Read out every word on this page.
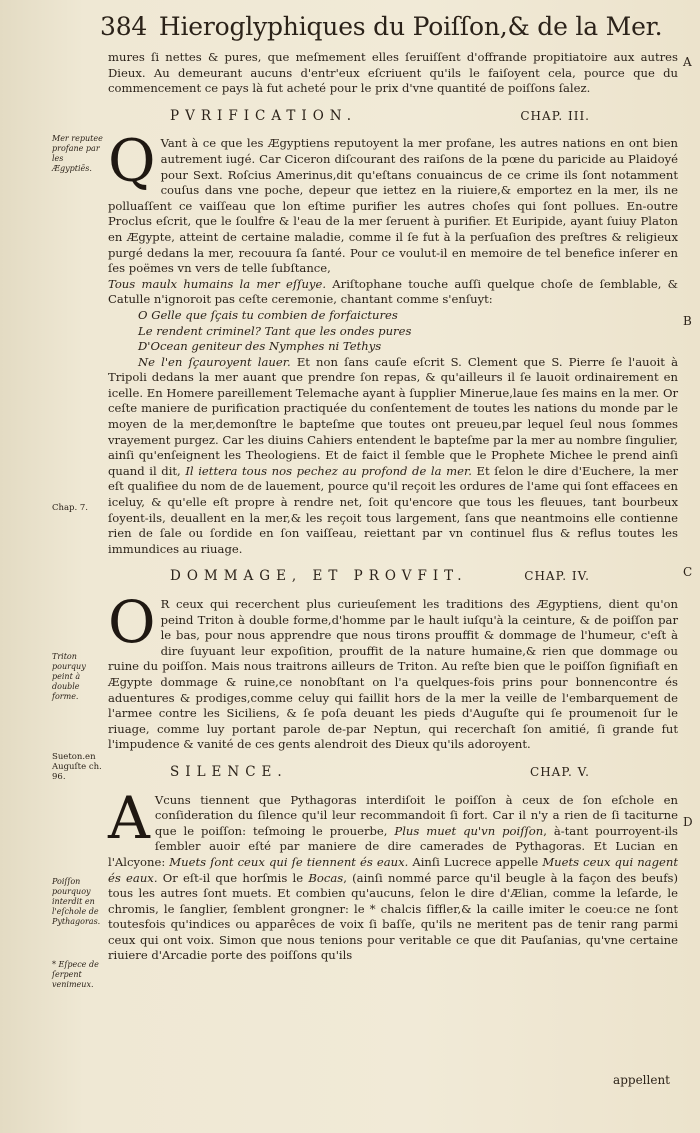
384 Hieroglyphiques du Poiſſon,& de la Mer.
Mer reputee profane par les Ægyptiēs.
Chap. 7.
Triton pourquy peint à double forme.
Sueton.en Auguſte ch. 96.
Poiſſon pourquoy interdit en l'eſchole de Pythagoras.
* Eſpece de ſerpent venimeux.
A
B
C
D

mures ſi nettes & pures, que meſmement elles ſeruiſſent d'offrande propitiatoire aux autres Dieux. Au demeurant aucuns d'entr'eux eſcriuent qu'ils le faiſoyent cela, pource que du commencement ce pays là fut acheté pour le prix d'vne quantité de poiſſons ſalez.

PVRIFICATION.	CHAP. III.

Q Vant à ce que les Ægyptiens reputoyent la mer profane, les autres nations en ont bien autrement iugé. Car Ciceron diſcourant des raiſons de la pœne du paricide au Plaidoyé pour Sext. Roſcius Amerinus,dit qu'eſtans conuaincus de ce crime ils ſont notamment couſus dans vne poche, depeur que iettez en la riuiere,& emportez en la mer, ils ne polluaſſent ce vaiſſeau que lon eſtime purifier les autres choſes qui ſont pollues. En-outre Proclus eſcrit, que le ſoulfre & l'eau de la mer ſeruent à purifier. Et Euripide, ayant ſuiuy Platon en Ægypte, atteint de certaine maladie, comme il ſe fut à la perſuaſion des preſtres & religieux purgé dedans la mer, recouura ſa ſanté. Pour ce voulut-il en memoire de tel benefice inſerer en ſes poëmes vn vers de telle ſubſtance,
Tous maulx humains la mer eſſuye. Ariſtophane touche auſſi quelque choſe de ſemblable, & Catulle n'ignoroit pas ceſte ceremonie, chantant comme s'enſuyt:

O Gelle que ſçais tu combien de forfaictures
Le rendent criminel? Tant que les ondes pures
D'Ocean geniteur des Nymphes ni Tethys

Ne l'en ſçauroyent lauer. Et non ſans cauſe eſcrit S. Clement que S. Pierre ſe l'auoit à Tripoli dedans la mer auant que prendre ſon repas, & qu'ailleurs il ſe lauoit ordinairement en icelle. En Homere pareillement Telemache ayant à ſupplier Minerue,laue ſes mains en la mer. Or ceſte maniere de purification practiquée du conſentement de toutes les nations du monde par le moyen de la mer,demonſtre le bapteſme que toutes ont preueu,par lequel ſeul nous ſommes vrayement purgez. Car les diuins Cahiers entendent le bapteſme par la mer au nombre ſingulier, ainſi qu'enſeignent les Theologiens. Et de faict il ſemble que le Prophete Michee le prend ainſi quand il dit, Il iettera tous nos pechez au profond de la mer. Et ſelon le dire d'Euchere, la mer eſt qualifiee du nom de de lauement, pource qu'il reçoit les ordures de l'ame qui ſont effacees en iceluy, & qu'elle eſt propre à rendre net, ſoit qu'encore que tous les fleuues, tant bourbeux ſoyent-ils, deuallent en la mer,& les reçoit tous largement, ſans que neantmoins elle contienne rien de ſale ou ſordide en ſon vaiſſeau, reiettant par vn continuel flus & reflus toutes les immundices au riuage.

DOMMAGE, ET PROVFIT.	CHAP. IV.

O R ceux qui recerchent plus curieuſement les traditions des Ægyptiens, dient qu'on peind Triton à double forme,d'homme par le hault iuſqu'à la ceinture, & de poiſſon par le bas, pour nous apprendre que nous tirons prouffit & dommage de l'humeur, c'eſt à dire ſuyuant leur expoſition, prouffit de la nature humaine,& rien que dommage ou ruine du poiſſon. Mais nous traitrons ailleurs de Triton. Au reſte bien que le poiſſon ſignifiaſt en Ægypte dommage & ruine,ce nonobſtant on l'a quelques-fois prins pour bonnencontre és aduentures & prodiges,comme celuy qui faillit hors de la mer la veille de l'embarquement de l'armee contre les Siciliens, & ſe poſa deuant les pieds d'Auguſte qui ſe proumenoit ſur le riuage, comme luy portant parole de-par Neptun, qui recerchaſt ſon amitié, ſi grande fut l'impudence & vanité de ces gents alendroit des Dieux qu'ils adoroyent.

SILENCE.	CHAP. V.

A Vcuns tiennent que Pythagoras interdiſoit le poiſſon à ceux de ſon eſchole en conſideration du ſilence qu'il leur recommandoit ſi fort. Car il n'y a rien de ſi taciturne que le poiſſon: teſmoing le prouerbe, Plus muet qu'vn poiſſon, à-tant pourroyent-ils ſembler auoir eſté par maniere de dire camerades de Pythagoras. Et Lucian en l'Alcyone: Muets ſont ceux qui ſe tiennent és eaux. Ainſi Lucrece appelle Muets ceux qui nagent és eaux. Or eſt-il que horſmis le Bocas, (ainſi nommé parce qu'il beugle à la façon des beufs) tous les autres ſont muets. Et combien qu'aucuns, ſelon le dire d'Ælian, comme la leſarde, le chromis, le ſanglier, ſemblent grongner: le * chalcis ſiffler,& la caille imiter le coeu:ce ne ſont toutesfois qu'indices ou apparêces de voix ſi baſſe, qu'ils ne meritent pas de tenir rang parmi ceux qui ont voix. Simon que nous tenions pour veritable ce que dit Pauſanias, qu'vne certaine riuiere d'Arcadie porte des poiſſons qu'ils

appellent
